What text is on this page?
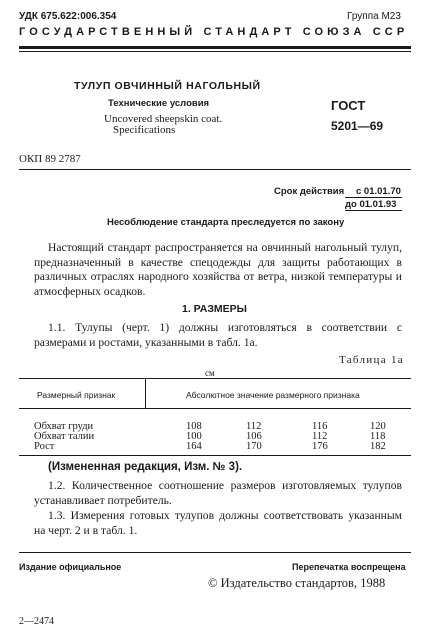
УДК 675.622:006.354	Группа М23
ГОСУДАРСТВЕННЫЙ СТАНДАРТ СОЮЗА ССР
ТУЛУП ОВЧИННЫЙ НАГОЛЬНЫЙ
Технические условия
Uncovered sheepskin coat.
Specifications
ГОСТ
5201—69
ОКП 89 2787
Срок действия с 01.01.70
до 01.01.93
Несоблюдение стандарта преследуется по закону
Настоящий стандарт распространяется на овчинный нагольный тулуп, предназначенный в качестве спецодежды для защиты работающих в различных отраслях народного хозяйства от ветра, низкой температуры и атмосферных осадков.
1. РАЗМЕРЫ
1.1. Тулупы (черт. 1) должны изготовляться в соответствии с размерами и ростами, указанными в табл. 1а.
Таблица 1а
см
Размерный признак	Абсолютное значение размерного признака
Обхват груди	108	112	116	120
Обхват талии	100	106	112	118
Рост	164	170	176	182
(Измененная редакция, Изм. № 3).
1.2. Количественное соотношение размеров изготовляемых тулупов устанавливает потребитель.
1.3. Измерения готовых тулупов должны соответствовать указанным на черт. 2 и в табл. 1.
Издание официальное	Перепечатка воспрещена
© Издательство стандартов, 1988
2—2474
